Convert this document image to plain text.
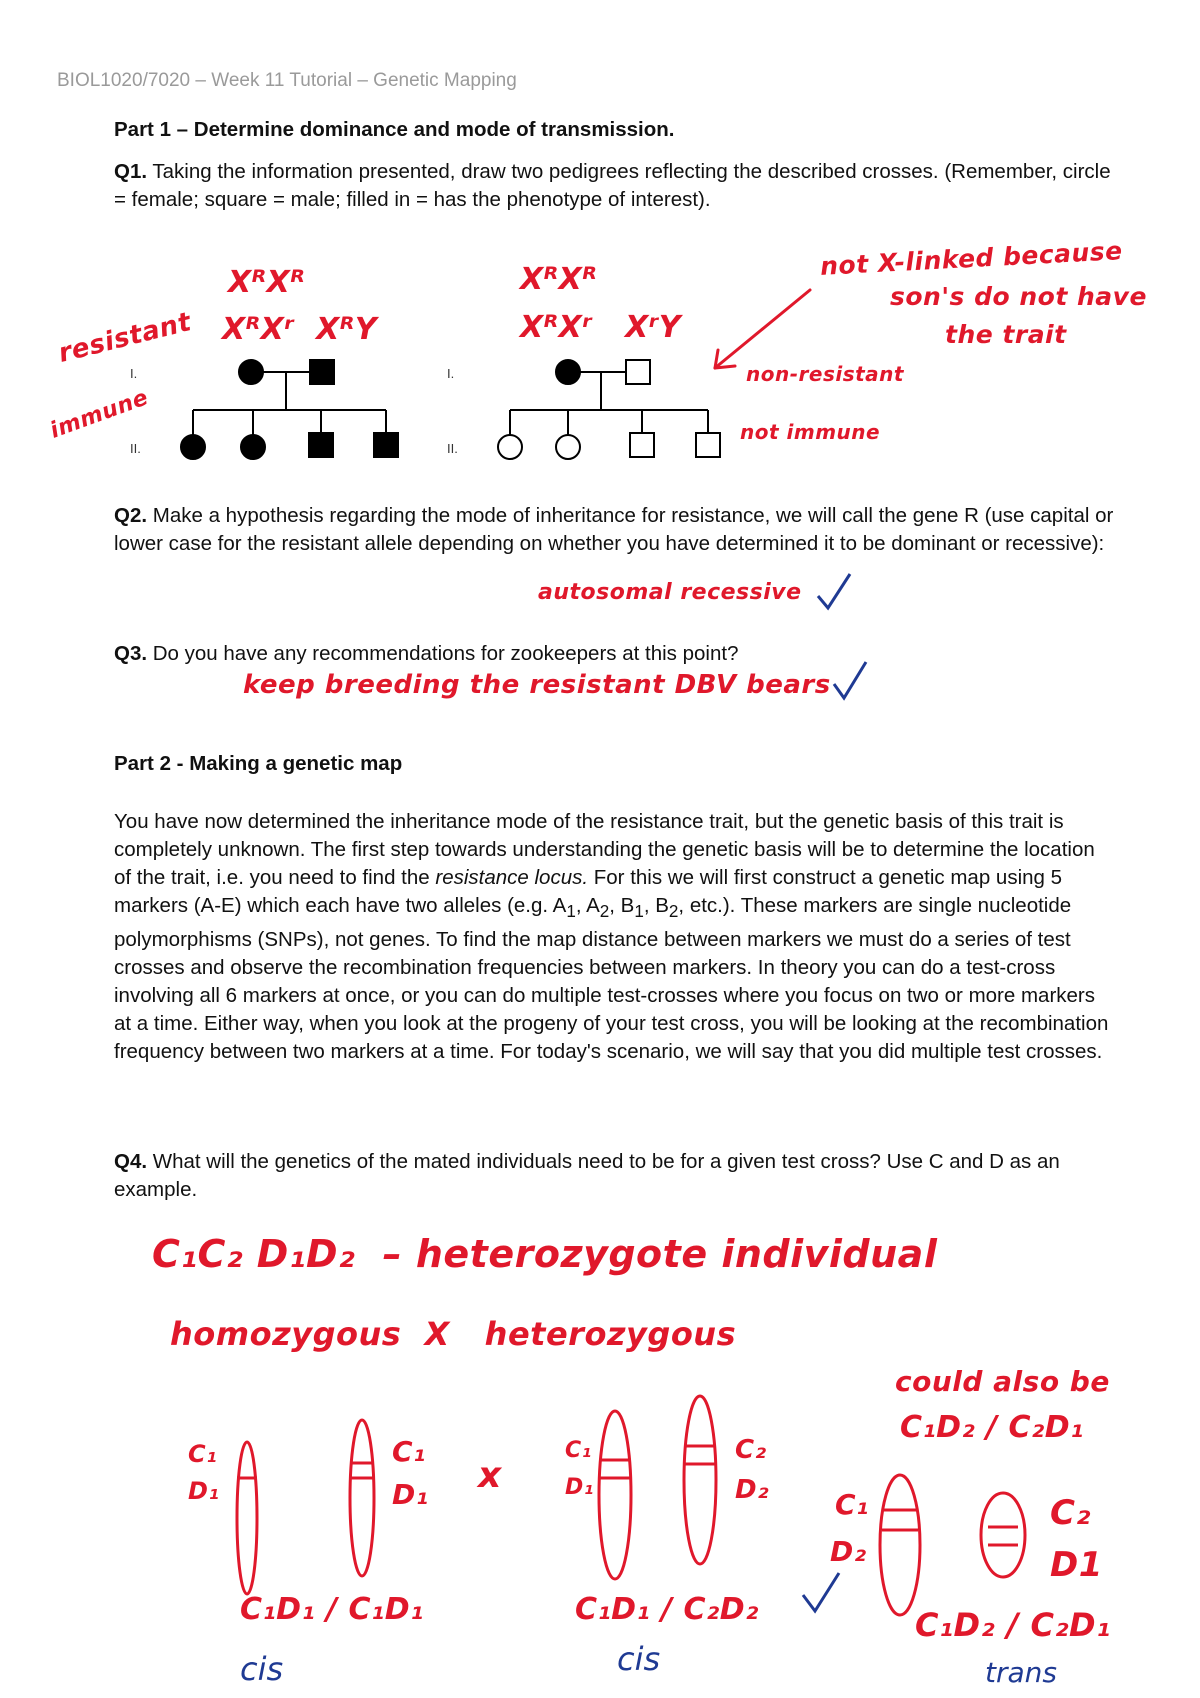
BIOL1020/7020 – Week 11 Tutorial – Genetic Mapping
Part 1 – Determine dominance and mode of transmission.
Q1. Taking the information presented, draw two pedigrees reflecting the described crosses. (Remember, circle = female; square = male; filled in = has the phenotype of interest).
I.
II.
I.
II.
resistant
immune
XᴿXᴿ
XᴿXʳ  XᴿY
XᴿXᴿ
XᴿXʳ   XʳY
not X-linked because
son's do not have
the trait
non-resistant
not immune
Q2. Make a hypothesis regarding the mode of inheritance for resistance, we will call the gene R (use capital or lower case for the resistant allele depending on whether you have determined it to be dominant or recessive):
autosomal recessive
Q3. Do you have any recommendations for zookeepers at this point?
keep breeding the resistant DBV bears
Part 2 - Making a genetic map
You have now determined the inheritance mode of the resistance trait, but the genetic basis of this trait is completely unknown. The first step towards understanding the genetic basis will be to determine the location of the trait, i.e. you need to find the resistance locus. For this we will first construct a genetic map using 5 markers (A-E) which each have two alleles (e.g. $A_1$, $A_2$, $B_1$, $B_2$, etc.). These markers are single nucleotide polymorphisms (SNPs), not genes. To find the map distance between markers we must do a series of test crosses and observe the recombination frequencies between markers. In theory you can do a test-cross involving all 6 markers at once, or you can do multiple test-crosses where you focus on two or more markers at a time. Either way, when you look at the progeny of your test cross, you will be looking at the recombination frequency between two markers at a time. For today's scenario, we will say that you did multiple test crosses.
Q4. What will the genetics of the mated individuals need to be for a given test cross? Use C and D as an example.
C₁C₂ D₁D₂  – heterozygote individual
homozygous  X   heterozygous
could also be
C₁D₂ / C₂D₁
C₁
D₁
C₁
D₁ x
C₁
D₁
C₂
D₂ C₁
D₂
C₂
D1
C₁D₁ / C₁D₁	C₁D₁ / C₂D₂	C₁D₂ / C₂D₁
cis	cis	trans
